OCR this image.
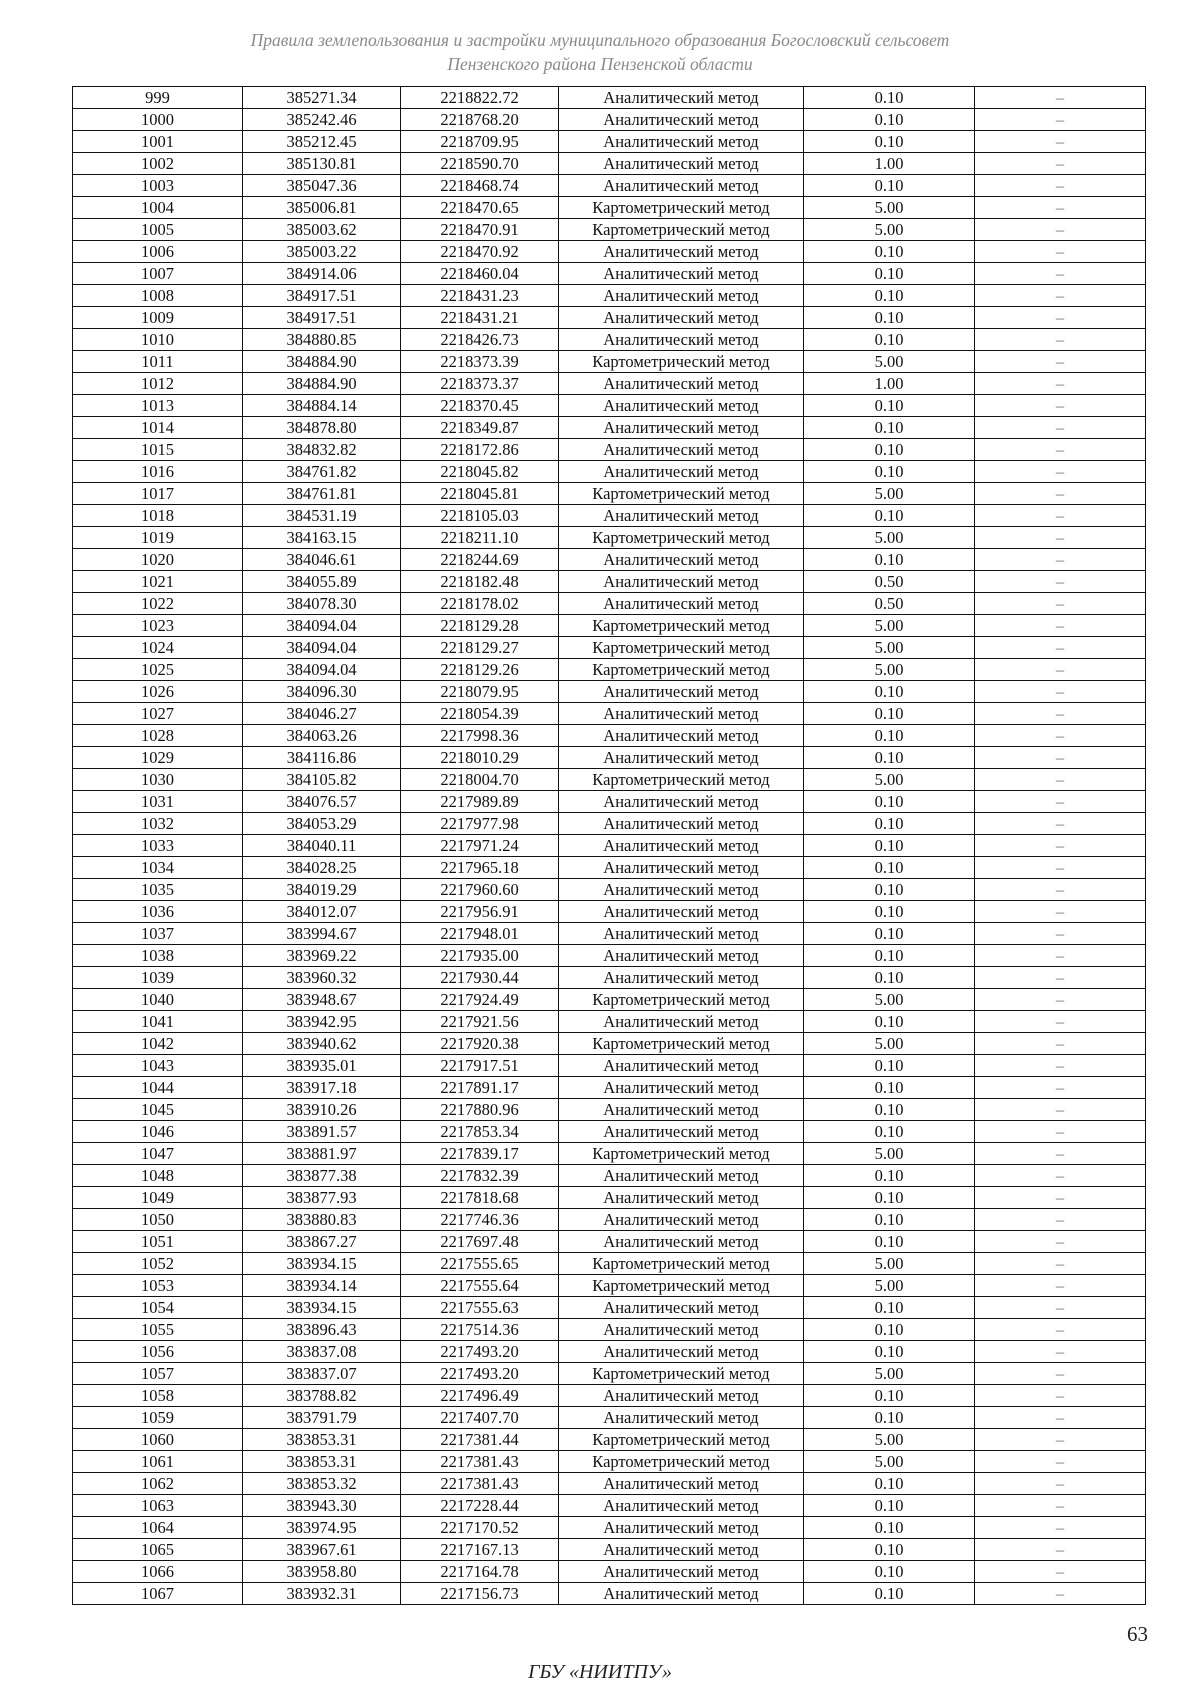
Правила землепользования и застройки муниципального образования Богословский сельсовет
Пензенского района Пензенской области
999	385271.34	2218822.72	Аналитический метод	0.10	–
1000	385242.46	2218768.20	Аналитический метод	0.10	–
1001	385212.45	2218709.95	Аналитический метод	0.10	–
1002	385130.81	2218590.70	Аналитический метод	1.00	–
1003	385047.36	2218468.74	Аналитический метод	0.10	–
1004	385006.81	2218470.65	Картометрический метод	5.00	–
1005	385003.62	2218470.91	Картометрический метод	5.00	–
1006	385003.22	2218470.92	Аналитический метод	0.10	–
1007	384914.06	2218460.04	Аналитический метод	0.10	–
1008	384917.51	2218431.23	Аналитический метод	0.10	–
1009	384917.51	2218431.21	Аналитический метод	0.10	–
1010	384880.85	2218426.73	Аналитический метод	0.10	–
1011	384884.90	2218373.39	Картометрический метод	5.00	–
1012	384884.90	2218373.37	Аналитический метод	1.00	–
1013	384884.14	2218370.45	Аналитический метод	0.10	–
1014	384878.80	2218349.87	Аналитический метод	0.10	–
1015	384832.82	2218172.86	Аналитический метод	0.10	–
1016	384761.82	2218045.82	Аналитический метод	0.10	–
1017	384761.81	2218045.81	Картометрический метод	5.00	–
1018	384531.19	2218105.03	Аналитический метод	0.10	–
1019	384163.15	2218211.10	Картометрический метод	5.00	–
1020	384046.61	2218244.69	Аналитический метод	0.10	–
1021	384055.89	2218182.48	Аналитический метод	0.50	–
1022	384078.30	2218178.02	Аналитический метод	0.50	–
1023	384094.04	2218129.28	Картометрический метод	5.00	–
1024	384094.04	2218129.27	Картометрический метод	5.00	–
1025	384094.04	2218129.26	Картометрический метод	5.00	–
1026	384096.30	2218079.95	Аналитический метод	0.10	–
1027	384046.27	2218054.39	Аналитический метод	0.10	–
1028	384063.26	2217998.36	Аналитический метод	0.10	–
1029	384116.86	2218010.29	Аналитический метод	0.10	–
1030	384105.82	2218004.70	Картометрический метод	5.00	–
1031	384076.57	2217989.89	Аналитический метод	0.10	–
1032	384053.29	2217977.98	Аналитический метод	0.10	–
1033	384040.11	2217971.24	Аналитический метод	0.10	–
1034	384028.25	2217965.18	Аналитический метод	0.10	–
1035	384019.29	2217960.60	Аналитический метод	0.10	–
1036	384012.07	2217956.91	Аналитический метод	0.10	–
1037	383994.67	2217948.01	Аналитический метод	0.10	–
1038	383969.22	2217935.00	Аналитический метод	0.10	–
1039	383960.32	2217930.44	Аналитический метод	0.10	–
1040	383948.67	2217924.49	Картометрический метод	5.00	–
1041	383942.95	2217921.56	Аналитический метод	0.10	–
1042	383940.62	2217920.38	Картометрический метод	5.00	–
1043	383935.01	2217917.51	Аналитический метод	0.10	–
1044	383917.18	2217891.17	Аналитический метод	0.10	–
1045	383910.26	2217880.96	Аналитический метод	0.10	–
1046	383891.57	2217853.34	Аналитический метод	0.10	–
1047	383881.97	2217839.17	Картометрический метод	5.00	–
1048	383877.38	2217832.39	Аналитический метод	0.10	–
1049	383877.93	2217818.68	Аналитический метод	0.10	–
1050	383880.83	2217746.36	Аналитический метод	0.10	–
1051	383867.27	2217697.48	Аналитический метод	0.10	–
1052	383934.15	2217555.65	Картометрический метод	5.00	–
1053	383934.14	2217555.64	Картометрический метод	5.00	–
1054	383934.15	2217555.63	Аналитический метод	0.10	–
1055	383896.43	2217514.36	Аналитический метод	0.10	–
1056	383837.08	2217493.20	Аналитический метод	0.10	–
1057	383837.07	2217493.20	Картометрический метод	5.00	–
1058	383788.82	2217496.49	Аналитический метод	0.10	–
1059	383791.79	2217407.70	Аналитический метод	0.10	–
1060	383853.31	2217381.44	Картометрический метод	5.00	–
1061	383853.31	2217381.43	Картометрический метод	5.00	–
1062	383853.32	2217381.43	Аналитический метод	0.10	–
1063	383943.30	2217228.44	Аналитический метод	0.10	–
1064	383974.95	2217170.52	Аналитический метод	0.10	–
1065	383967.61	2217167.13	Аналитический метод	0.10	–
1066	383958.80	2217164.78	Аналитический метод	0.10	–
1067	383932.31	2217156.73	Аналитический метод	0.10	–
63
ГБУ «НИИТПУ»
